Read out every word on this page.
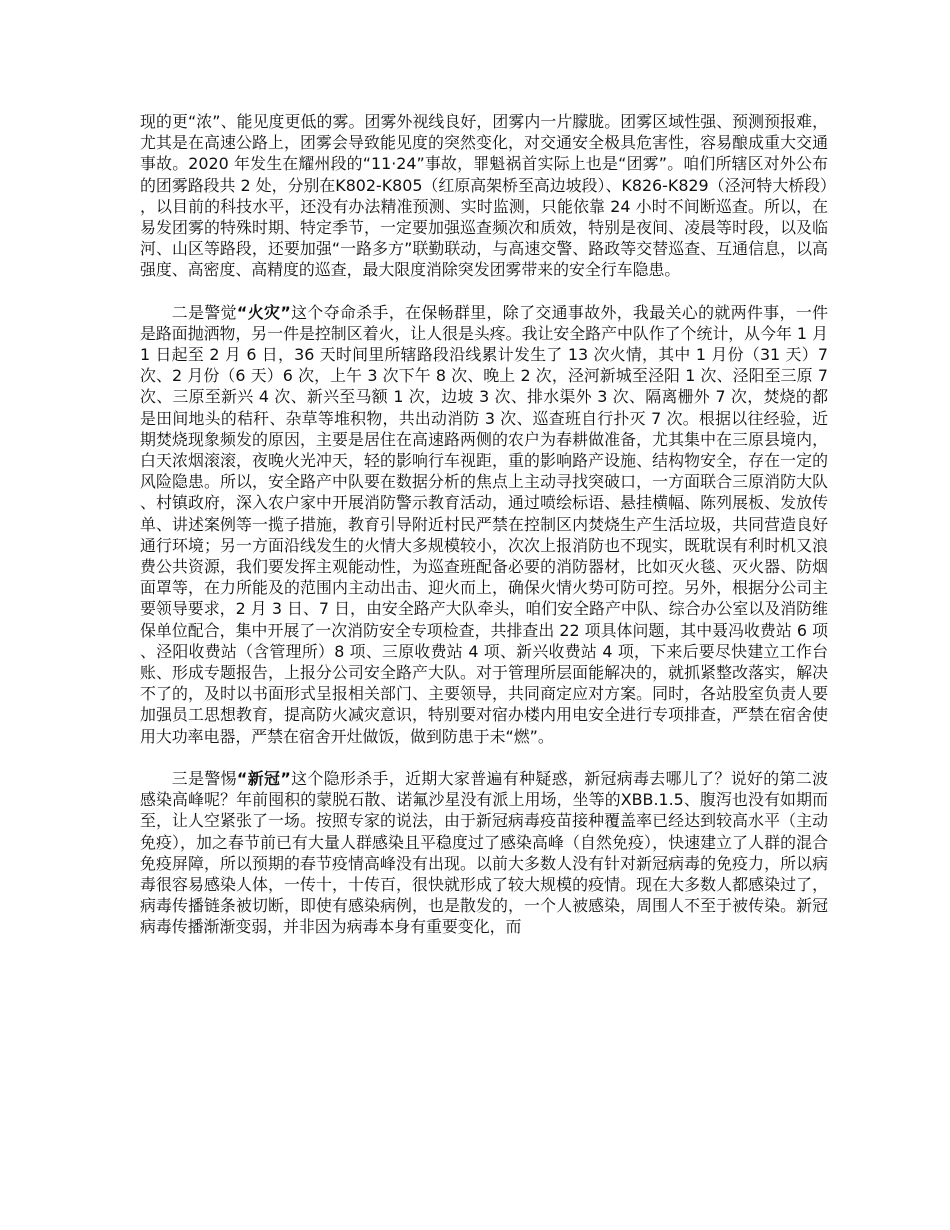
现的更“浓”、能见度更低的雾。团雾外视线良好，团雾内一片朦胧。团雾区域性强、预测预报难，尤其是在高速公路上，团雾会导致能见度的突然变化，对交通安全极具危害性，容易酿成重大交通事故。2020 年发生在耀州段的“11·24”事故，罪魁祸首实际上也是“团雾”。咱们所辖区对外公布的团雾路段共 2 处，分别在K802-K805（红原高架桥至高边坡段）、K826-K829（泾河特大桥段），以目前的科技水平，还没有办法精准预测、实时监测，只能依靠 24 小时不间断巡查。所以，在易发团雾的特殊时期、特定季节，一定要加强巡查频次和质效，特别是夜间、凌晨等时段，以及临河、山区等路段，还要加强“一路多方”联勤联动，与高速交警、路政等交替巡查、互通信息，以高强度、高密度、高精度的巡查，最大限度消除突发团雾带来的安全行车隐患。

二是警觉“火灾”这个夺命杀手，在保畅群里，除了交通事故外，我最关心的就两件事，一件是路面抛洒物，另一件是控制区着火，让人很是头疼。我让安全路产中队作了个统计，从今年 1 月 1 日起至 2 月 6 日，36 天时间里所辖路段沿线累计发生了 13 次火情，其中 1 月份（31 天）7 次、2 月份（6 天）6 次，上午 3 次下午 8 次、晚上 2 次，泾河新城至泾阳 1 次、泾阳至三原 7 次、三原至新兴 4 次、新兴至马额 1 次，边坡 3 次、排水渠外 3 次、隔离栅外 7 次，焚烧的都是田间地头的秸秆、杂草等堆积物，共出动消防 3 次、巡查班自行扑灭 7 次。根据以往经验，近期焚烧现象频发的原因，主要是居住在高速路两侧的农户为春耕做准备，尤其集中在三原县境内，白天浓烟滚滚，夜晚火光冲天，轻的影响行车视距，重的影响路产设施、结构物安全，存在一定的风险隐患。所以，安全路产中队要在数据分析的焦点上主动寻找突破口，一方面联合三原消防大队、村镇政府，深入农户家中开展消防警示教育活动，通过喷绘标语、悬挂横幅、陈列展板、发放传单、讲述案例等一揽子措施，教育引导附近村民严禁在控制区内焚烧生产生活垃圾，共同营造良好通行环境；另一方面沿线发生的火情大多规模较小，次次上报消防也不现实，既耽误有利时机又浪费公共资源，我们要发挥主观能动性，为巡查班配备必要的消防器材，比如灭火毯、灭火器、防烟面罩等，在力所能及的范围内主动出击、迎火而上，确保火情火势可防可控。另外，根据分公司主要领导要求，2 月 3 日、7 日，由安全路产大队牵头，咱们安全路产中队、综合办公室以及消防维保单位配合，集中开展了一次消防安全专项检查，共排查出 22 项具体问题，其中聂冯收费站 6 项、泾阳收费站（含管理所）8 项、三原收费站 4 项、新兴收费站 4 项，下来后要尽快建立工作台账、形成专题报告，上报分公司安全路产大队。对于管理所层面能解决的，就抓紧整改落实，解决不了的，及时以书面形式呈报相关部门、主要领导，共同商定应对方案。同时，各站股室负责人要加强员工思想教育，提高防火减灾意识，特别要对宿办楼内用电安全进行专项排查，严禁在宿舍使用大功率电器，严禁在宿舍开灶做饭，做到防患于未“燃”。

三是警惕“新冠”这个隐形杀手，近期大家普遍有种疑惑，新冠病毒去哪儿了？说好的第二波感染高峰呢？年前囤积的蒙脱石散、诺氟沙星没有派上用场，坐等的XBB.1.5、腹泻也没有如期而至，让人空紧张了一场。按照专家的说法，由于新冠病毒疫苗接种覆盖率已经达到较高水平（主动免疫），加之春节前已有大量人群感染且平稳度过了感染高峰（自然免疫），快速建立了人群的混合免疫屏障，所以预期的春节疫情高峰没有出现。以前大多数人没有针对新冠病毒的免疫力，所以病毒很容易感染人体，一传十，十传百，很快就形成了较大规模的疫情。现在大多数人都感染过了，病毒传播链条被切断，即使有感染病例，也是散发的，一个人被感染，周围人不至于被传染。新冠病毒传播渐渐变弱，并非因为病毒本身有重要变化，而
